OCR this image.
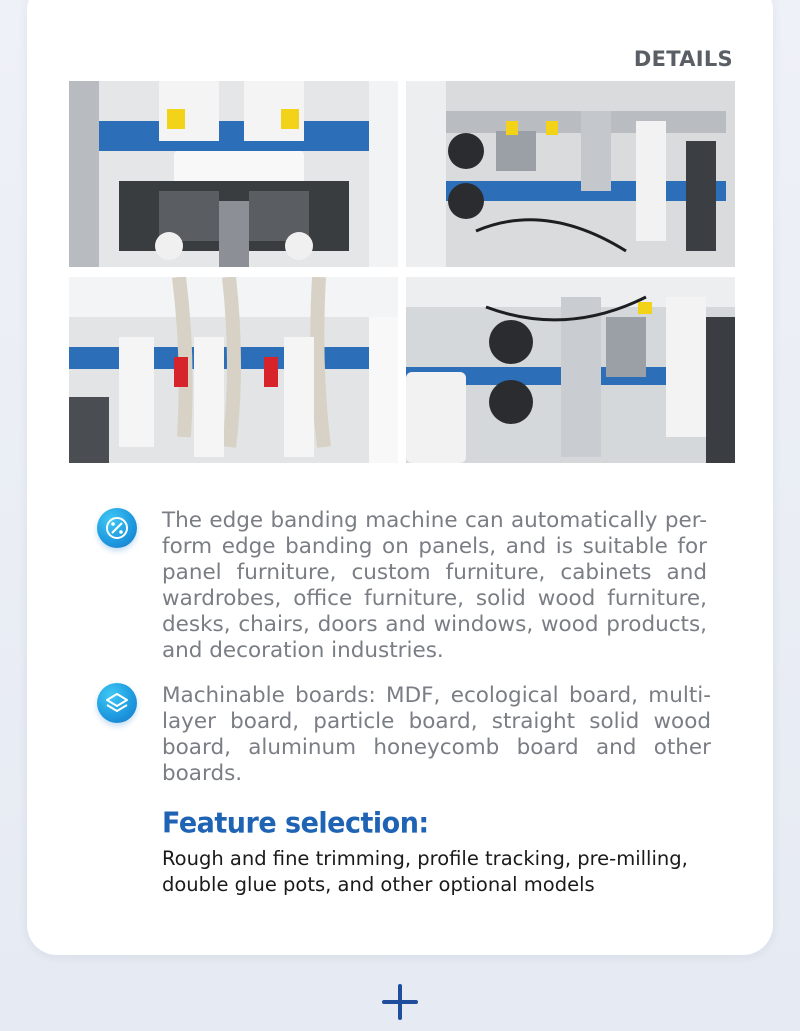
DETAILS
The edge banding machine can automatically per-form edge banding on panels, and is suitable for panel furniture, custom furniture, cabinets and wardrobes, office furniture, solid wood furniture, desks, chairs, doors and windows, wood products, and decoration industries.
Machinable boards: MDF, ecological board, multi-layer board, particle board, straight solid wood board, aluminum honeycomb board and other boards.
Feature selection:
Rough and fine trimming, profile tracking, pre-milling, double glue pots, and other optional models
